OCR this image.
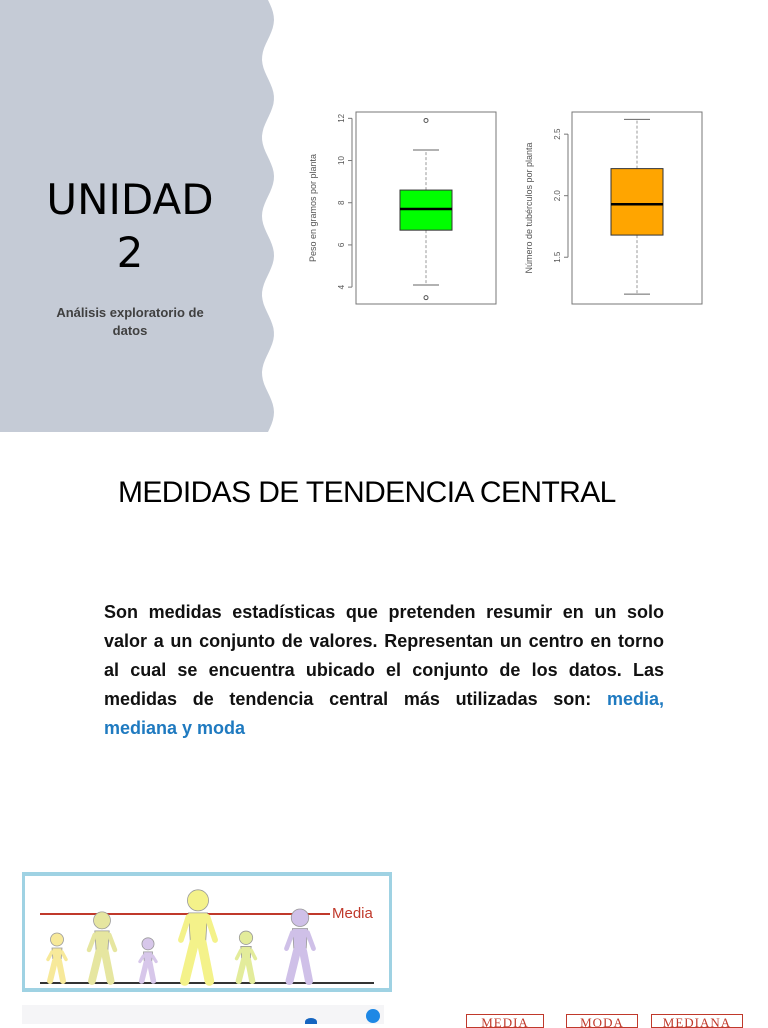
UNIDAD
2
Análisis exploratorio de datos
4
6
8
10
12
Peso en gramos por planta	1.5
2.0
2.5
Número de tubérculos por planta
MEDIDAS DE TENDENCIA CENTRAL

Son medidas estadísticas que pretenden resumir en un solo valor a un conjunto de valores. Representan un centro en torno al cual se encuentra ubicado el conjunto de los datos. Las medidas de tendencia central más utilizadas son: media, mediana y moda

Media
MEDIA	MODA	MEDIANA
